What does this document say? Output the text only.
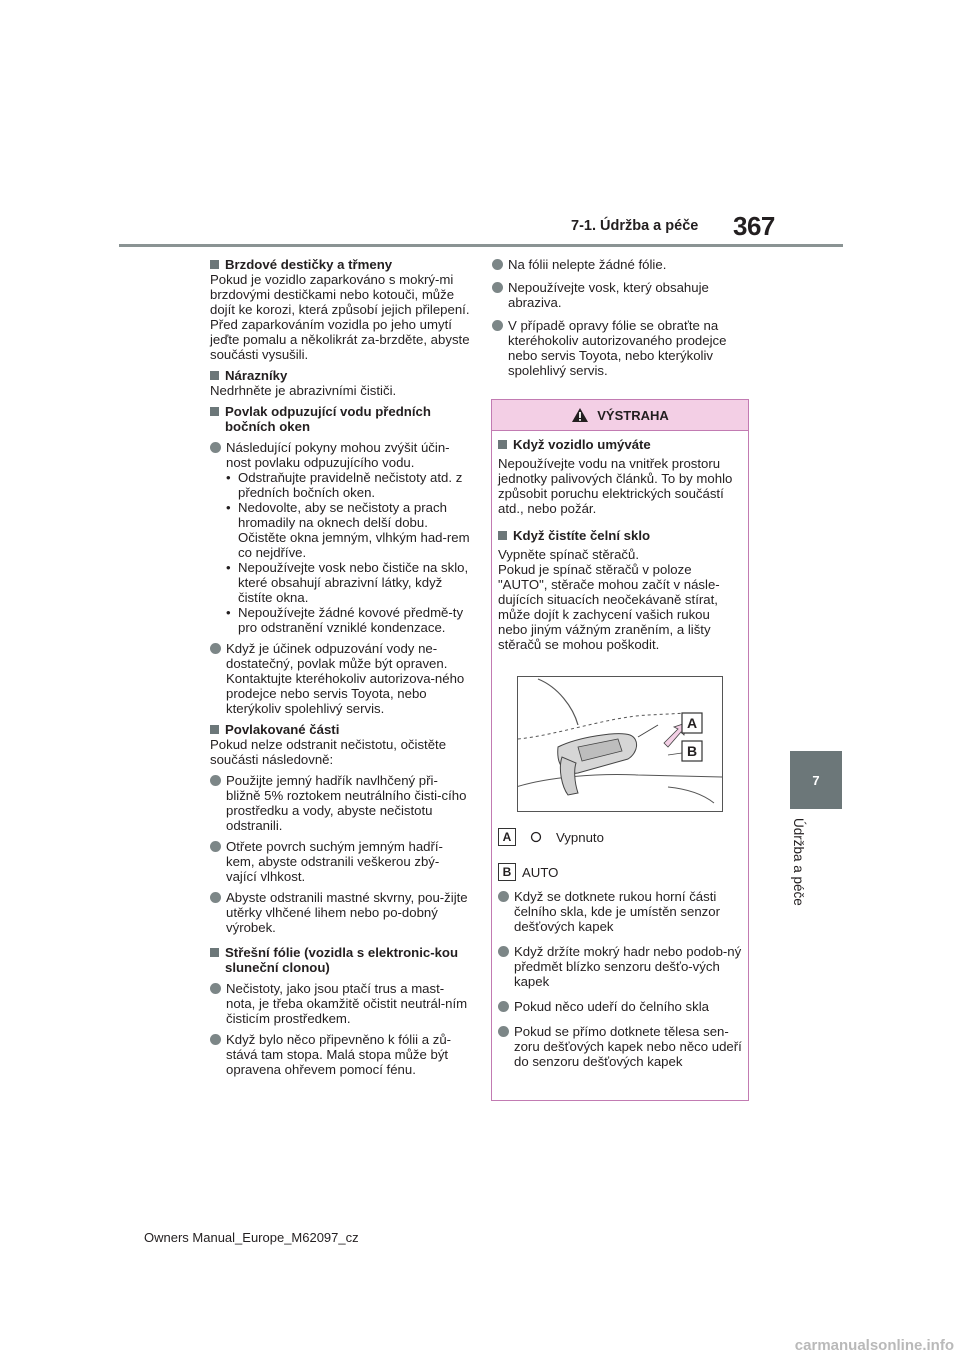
7-1. Údržba a péče 367
7
Údržba a péče
Brzdové destičky a třmeny

Pokud je vozidlo zaparkováno s mokrý-mi brzdovými destičkami nebo kotouči, může dojít ke korozi, která způsobí jejich přilepení. Před zaparkováním vozidla po jeho umytí jeďte pomalu a několikrát za-brzděte, abyste součásti vysušili.

Nárazníky

Nedrhněte je abrazivními čističi.

Povlak odpuzující vodu předních bočních oken
Následující pokyny mohou zvýšit účin-nost povlaku odpuzujícího vodu.
• Odstraňujte pravidelně nečistoty atd. z předních bočních oken.
• Nedovolte, aby se nečistoty a prach hromadily na oknech delší dobu. Očistěte okna jemným, vlhkým had-rem co nejdříve.
• Nepoužívejte vosk nebo čističe na sklo, které obsahují abrazivní látky, když čistíte okna.
• Nepoužívejte žádné kovové předmě-ty pro odstranění vzniklé kondenzace.
Když je účinek odpuzování vody ne-dostatečný, povlak může být opraven. Kontaktujte kteréhokoliv autorizova-ného prodejce nebo servis Toyota, nebo kterýkoliv spolehlivý servis.
Povlakované části

Pokud nelze odstranit nečistotu, očistěte součásti následovně:

Použijte jemný hadřík navlhčený při-bližně 5% roztokem neutrálního čisti-cího prostředku a vody, abyste nečistotu odstranili.
Otřete povrch suchým jemným hadří-kem, abyste odstranili veškerou zbý-vající vlhkost.
Abyste odstranili mastné skvrny, pou-žijte utěrky vlhčené lihem nebo po-dobný výrobek.
Střešní fólie (vozidla s elektronic-kou sluneční clonou)
Nečistoty, jako jsou ptačí trus a mast-nota, je třeba okamžitě očistit neutrál-ním čisticím prostředkem.
Když bylo něco připevněno k fólii a zů-stává tam stopa. Malá stopa může být opravena ohřevem pomocí fénu.
Na fólii nelepte žádné fólie.
Nepoužívejte vosk, který obsahuje abraziva.
V případě opravy fólie se obraťte na kteréhokoliv autorizovaného prodejce nebo servis Toyota, nebo kterýkoliv spolehlivý servis.
VÝSTRAHA
Když vozidlo umýváte

Nepoužívejte vodu na vnitřek prostoru jednotky palivových článků. To by mohlo způsobit poruchu elektrických součástí atd., nebo požár.

Když čistíte čelní sklo

Vypněte spínač stěračů.
Pokud je spínač stěračů v poloze "AUTO", stěrače mohou začít v násle-dujících situacích neočekávaně stírat, může dojít k zachycení vašich rukou nebo jiným vážným zraněním, a lišty stěračů se mohou poškodit.

A	Vypnuto
B AUTO
Když se dotknete rukou horní části čelního skla, kde je umístěn senzor dešťových kapek
Když držíte mokrý hadr nebo podob-ný předmět blízko senzoru dešťo-vých kapek
Pokud něco udeří do čelního skla
Pokud se přímo dotknete tělesa sen-zoru dešťových kapek nebo něco udeří do senzoru dešťových kapek
A
B
Owners Manual_Europe_M62097_cz
carmanualsonline.info
